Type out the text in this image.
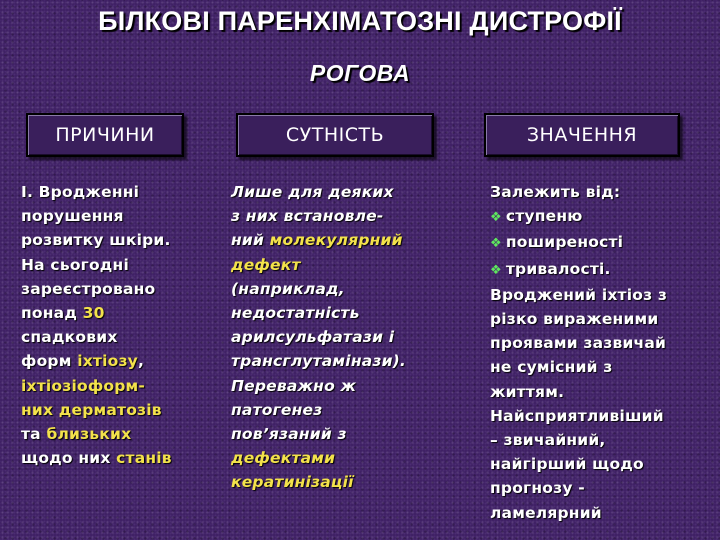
БІЛКОВІ ПАРЕНХІМАТОЗНІ ДИСТРОФІЇ
РОГОВА
ПРИЧИНИ	СУТНІСТЬ	ЗНАЧЕННЯ
І. Вродженні
порушення
розвитку шкіри.
На сьогодні
зареєстровано
понад 30
спадкових
форм іхтіозу,
іхтіозіоформ-
них дерматозів
та близьких
щодо них станів
Лише для деяких
з них встановле-
ний молекулярний
дефект
(наприклад,
недостатність
арилсульфатази і
трансглутамінази).
Переважно ж
патогенез
пов’язаний з
дефектами
кератинізації
Залежить від:
❖ ступеню
❖ поширеності
❖ тривалості.
Вроджений іхтіоз з
різко вираженими
проявами зазвичай
не сумісний з
життям.
Найсприятливіший
– звичайний,
найгірший щодо
прогнозу -
ламелярний
